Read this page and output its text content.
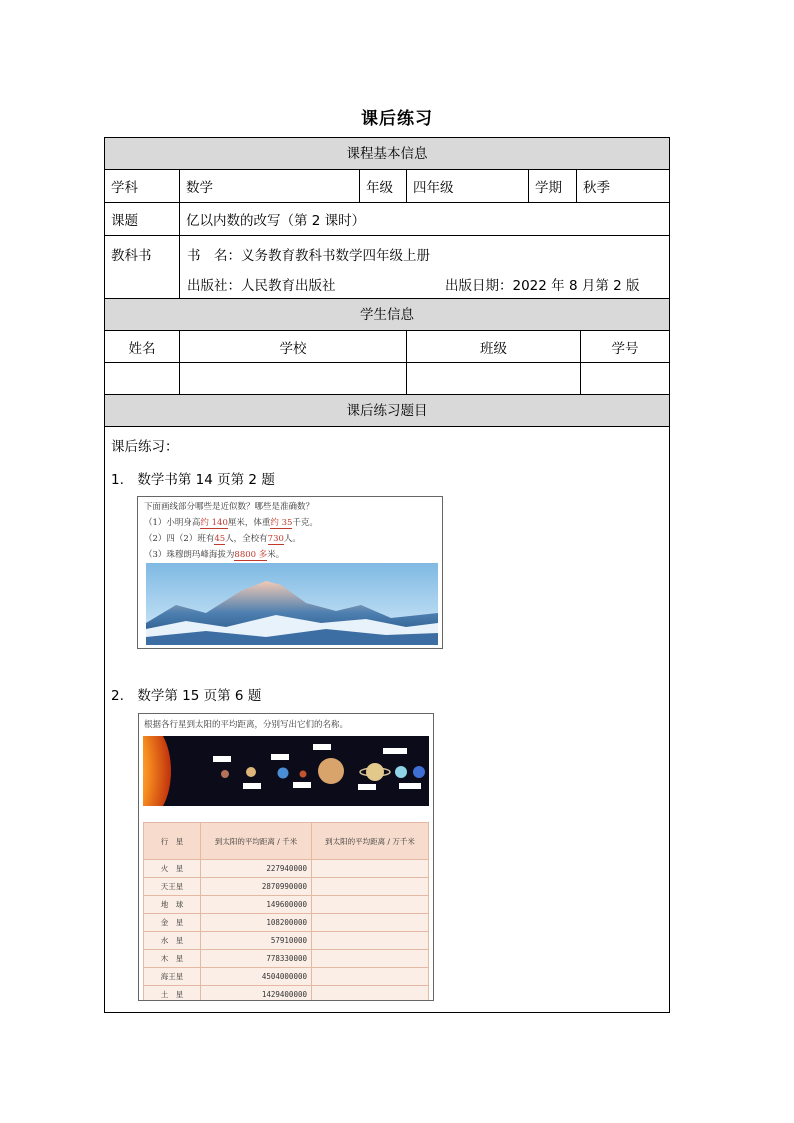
课后练习
课程基本信息
学科	数学	年级	四年级	学期	秋季
课题	亿以内数的改写（第 2 课时）
教科书	书　名：义务教育教科书数学四年级上册
出版社：人民教育出版社	出版日期：2022 年 8 月第 2 版
学生信息
姓名	学校	班级	学号
课后练习题目
课后练习：
1.　数学书第 14 页第 2 题
下面画线部分哪些是近似数？哪些是准确数？
（1）小明身高约 140厘米，体重约 35千克。
（2）四（2）班有45人，全校有730人。
（3）珠穆朗玛峰海拔为8800 多米。
2.　数学第 15 页第 6 题
根据各行星到太阳的平均距离，分别写出它们的名称。
行　星	到太阳的平均距离 / 千米	到太阳的平均距离 / 万千米
火　星	227940000	
天王星	2870990000	
地　球	149600000	
金　星	108200000	
水　星	57910000	
木　星	778330000	
海王星	4504000000	
土　星	1429400000	
